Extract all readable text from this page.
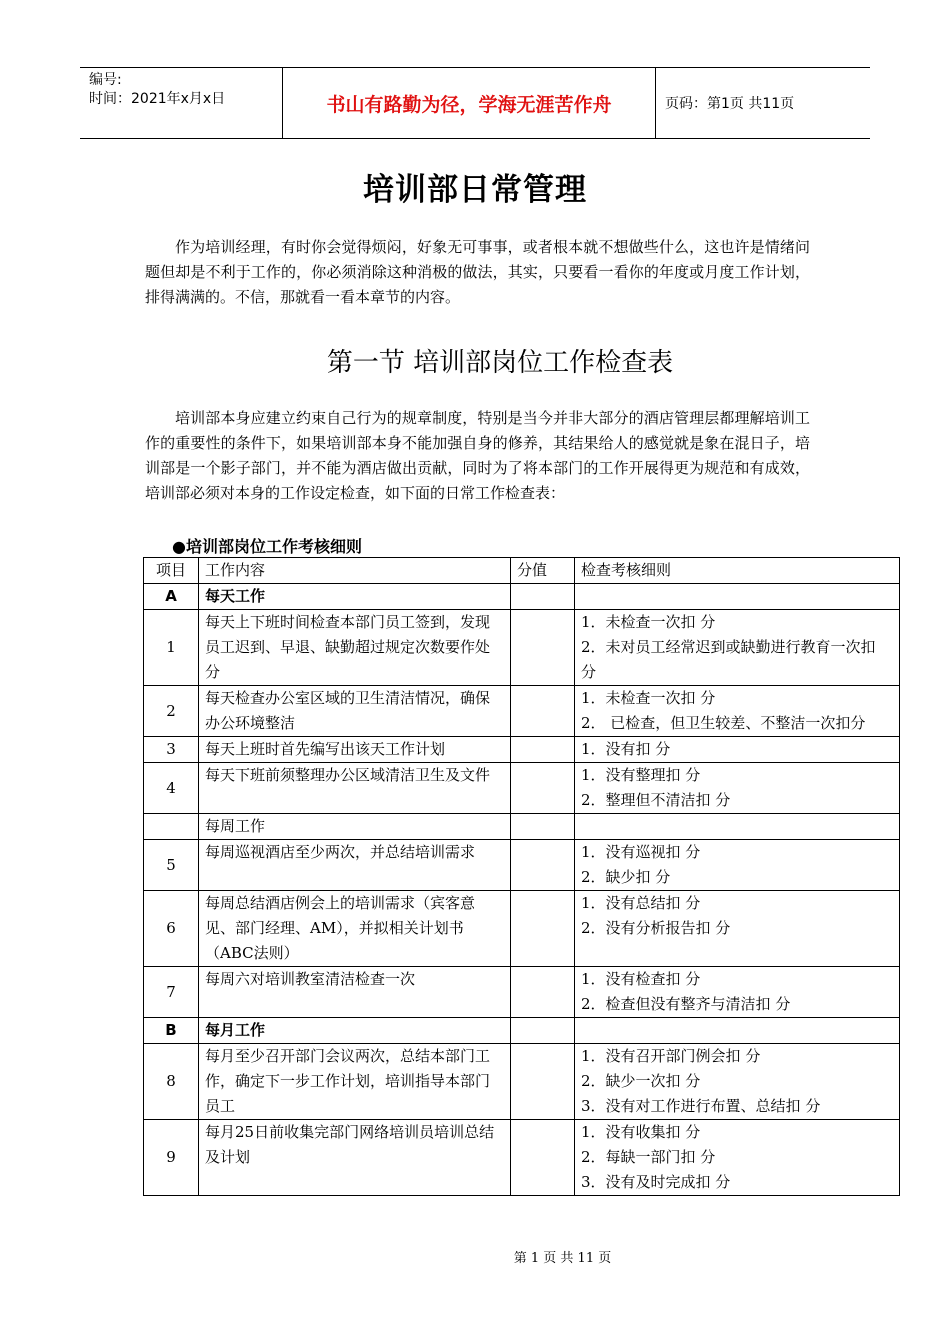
编号:
时间：2021年x月x日	书山有路勤为径，学海无涯苦作舟	页码：第1页 共11页
培训部日常管理
作为培训经理，有时你会觉得烦闷，好象无可事事，或者根本就不想做些什么，这也许是情绪问题但却是不利于工作的，你必须消除这种消极的做法，其实，只要看一看你的年度或月度工作计划，排得满满的。不信，那就看一看本章节的内容。
第一节 培训部岗位工作检查表
培训部本身应建立约束自己行为的规章制度，特别是当今并非大部分的酒店管理层都理解培训工作的重要性的条件下，如果培训部本身不能加强自身的修养，其结果给人的感觉就是象在混日子，培训部是一个影子部门，并不能为酒店做出贡献，同时为了将本部门的工作开展得更为规范和有成效，培训部必须对本身的工作设定检查，如下面的日常工作检查表：
●培训部岗位工作考核细则
项目	工作内容	分值	检查考核细则
A	每天工作		
1	每天上下班时间检查本部门员工签到，发现员工迟到、早退、缺勤超过规定次数要作处分		1．未检查一次扣 分
2．未对员工经常迟到或缺勤进行教育一次扣 分

2	每天检查办公室区域的卫生清洁情况，确保办公环境整洁		1．未检查一次扣 分
2． 已检查，但卫生较差、不整洁一次扣分

3	每天上班时首先编写出该天工作计划		1．没有扣 分

4	每天下班前须整理办公区域清洁卫生及文件		1．没有整理扣 分
2．整理但不清洁扣 分

	每周工作		
5	每周巡视酒店至少两次，并总结培训需求		1．没有巡视扣 分
2．缺少扣 分

6	每周总结酒店例会上的培训需求（宾客意见、部门经理、AM），并拟相关计划书（ABC法则）		1．没有总结扣 分
2．没有分析报告扣 分

7	每周六对培训教室清洁检查一次		1．没有检查扣 分
2．检查但没有整齐与清洁扣 分

B	每月工作		
8	每月至少召开部门会议两次，总结本部门工作，确定下一步工作计划，培训指导本部门员工		1．没有召开部门例会扣 分
2．缺少一次扣 分
3．没有对工作进行布置、总结扣 分

9	每月25日前收集完部门网络培训员培训总结及计划		1．没有收集扣 分
2．每缺一部门扣 分
3．没有及时完成扣 分
第 1 页 共 11 页
